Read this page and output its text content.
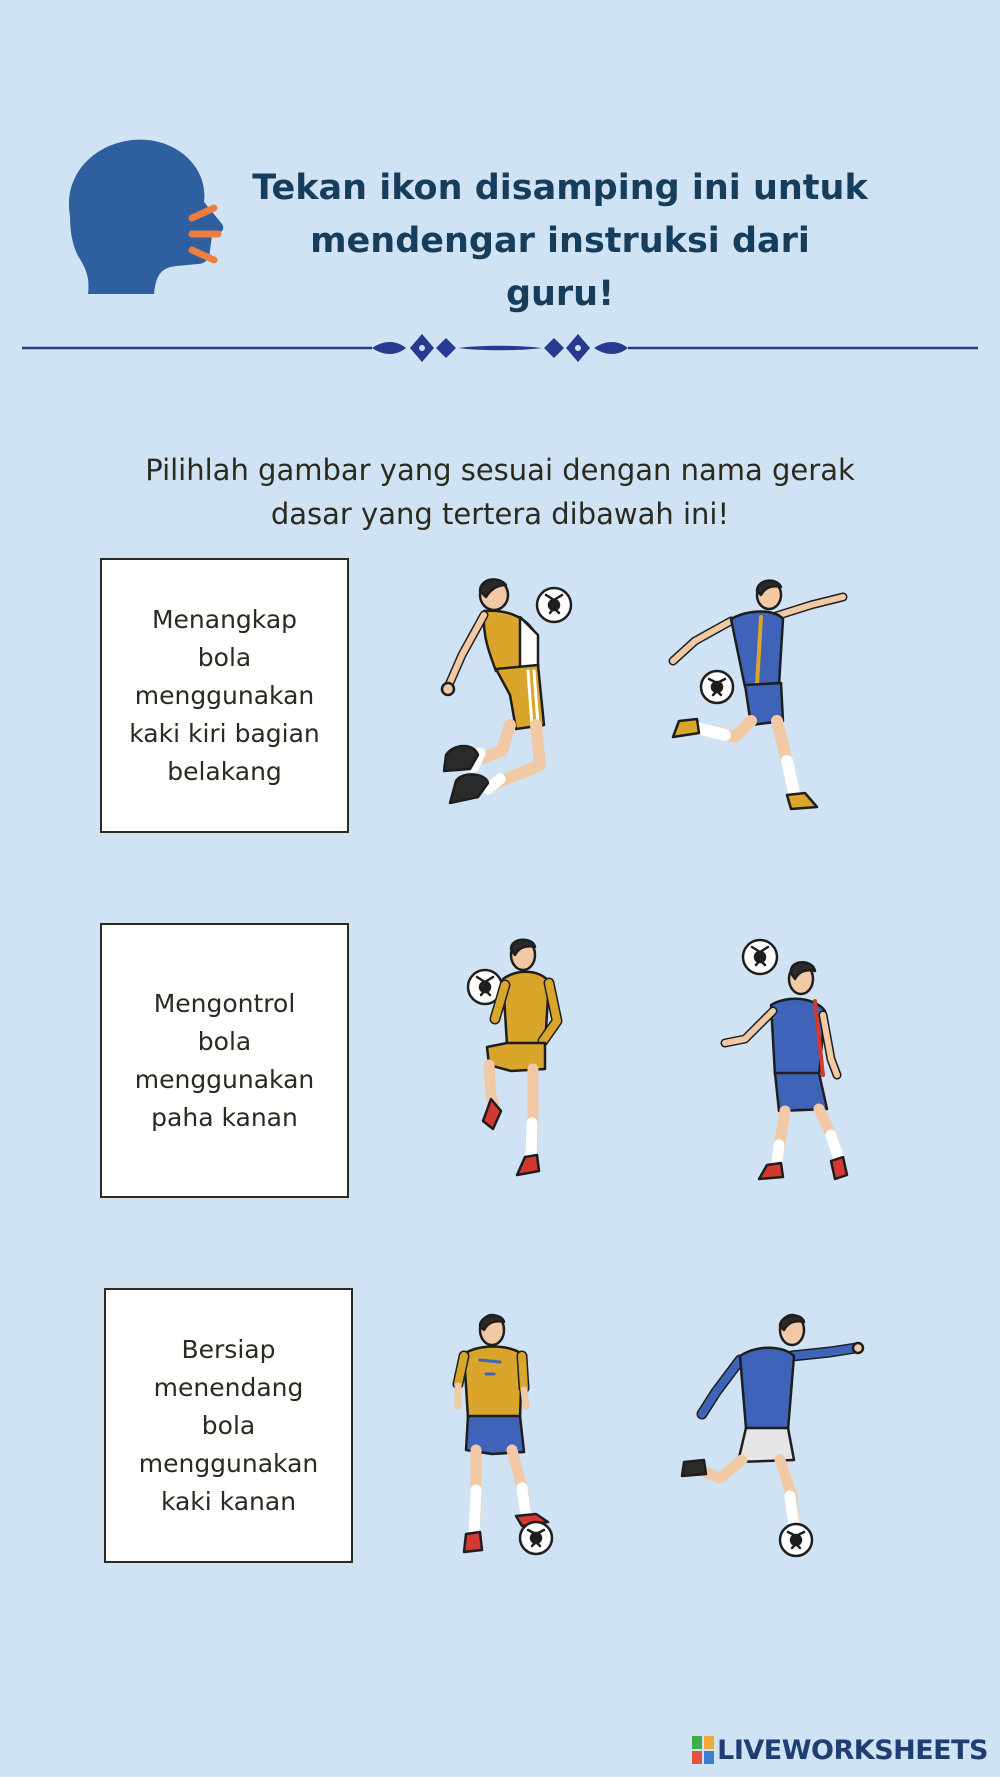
Tekan ikon disamping ini untuk
mendengar instruksi dari guru!
Pilihlah gambar yang sesuai dengan nama gerak
dasar yang tertera dibawah ini!
Menangkap
bola
menggunakan
kaki kiri bagian
belakang
Mengontrol
bola
menggunakan
paha kanan
Bersiap
menendang
bola
menggunakan
kaki kanan
LIVEWORKSHEETS
